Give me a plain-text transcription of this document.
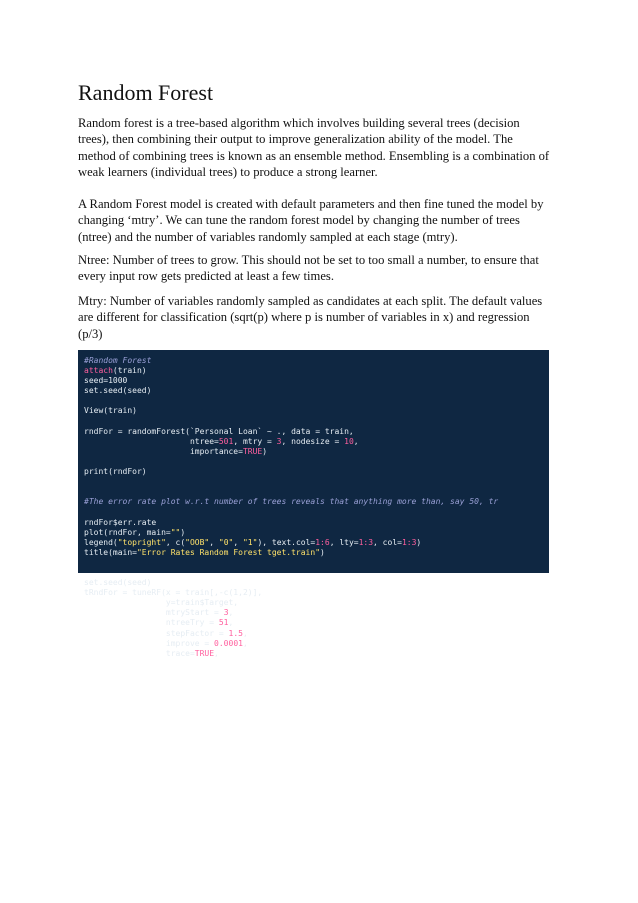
Random Forest

Random forest is a tree-based algorithm which involves building several trees (decision
trees), then combining their output to improve generalization ability of the model. The
method of combining trees is known as an ensemble method. Ensembling is a combination of
weak learners (individual trees) to produce a strong learner.

A Random Forest model is created with default parameters and then fine tuned the model by
changing ‘mtry’. We can tune the random forest model by changing the number of trees
(ntree) and the number of variables randomly sampled at each stage (mtry).

Ntree: Number of trees to grow. This should not be set to too small a number, to ensure that
every input row gets predicted at least a few times.

Mtry: Number of variables randomly sampled as candidates at each split. The default values
are different for classification (sqrt(p) where p is number of variables in x) and regression
(p/3)

#Random Forest
attach(train)
seed=1000
set.seed(seed)
View(train)
rndFor = randomForest(`Personal Loan` ~ ., data = train,
ntree=501, mtry = 3, nodesize = 10,
importance=TRUE)
print(rndFor)
#The error rate plot w.r.t number of trees reveals that anything more than, say 50, tr
rndFor$err.rate
plot(rndFor, main="")
legend("topright", c("OOB", "0", "1"), text.col=1:6, lty=1:3, col=1:3)
title(main="Error Rates Random Forest tget.train")
set.seed(seed)
tRndFor = tuneRF(x = train[,-c(1,2)],
y=train$Target,
mtryStart = 3,
ntreeTry = 51,
stepFactor = 1.5,
improve = 0.0001,
trace=TRUE,
